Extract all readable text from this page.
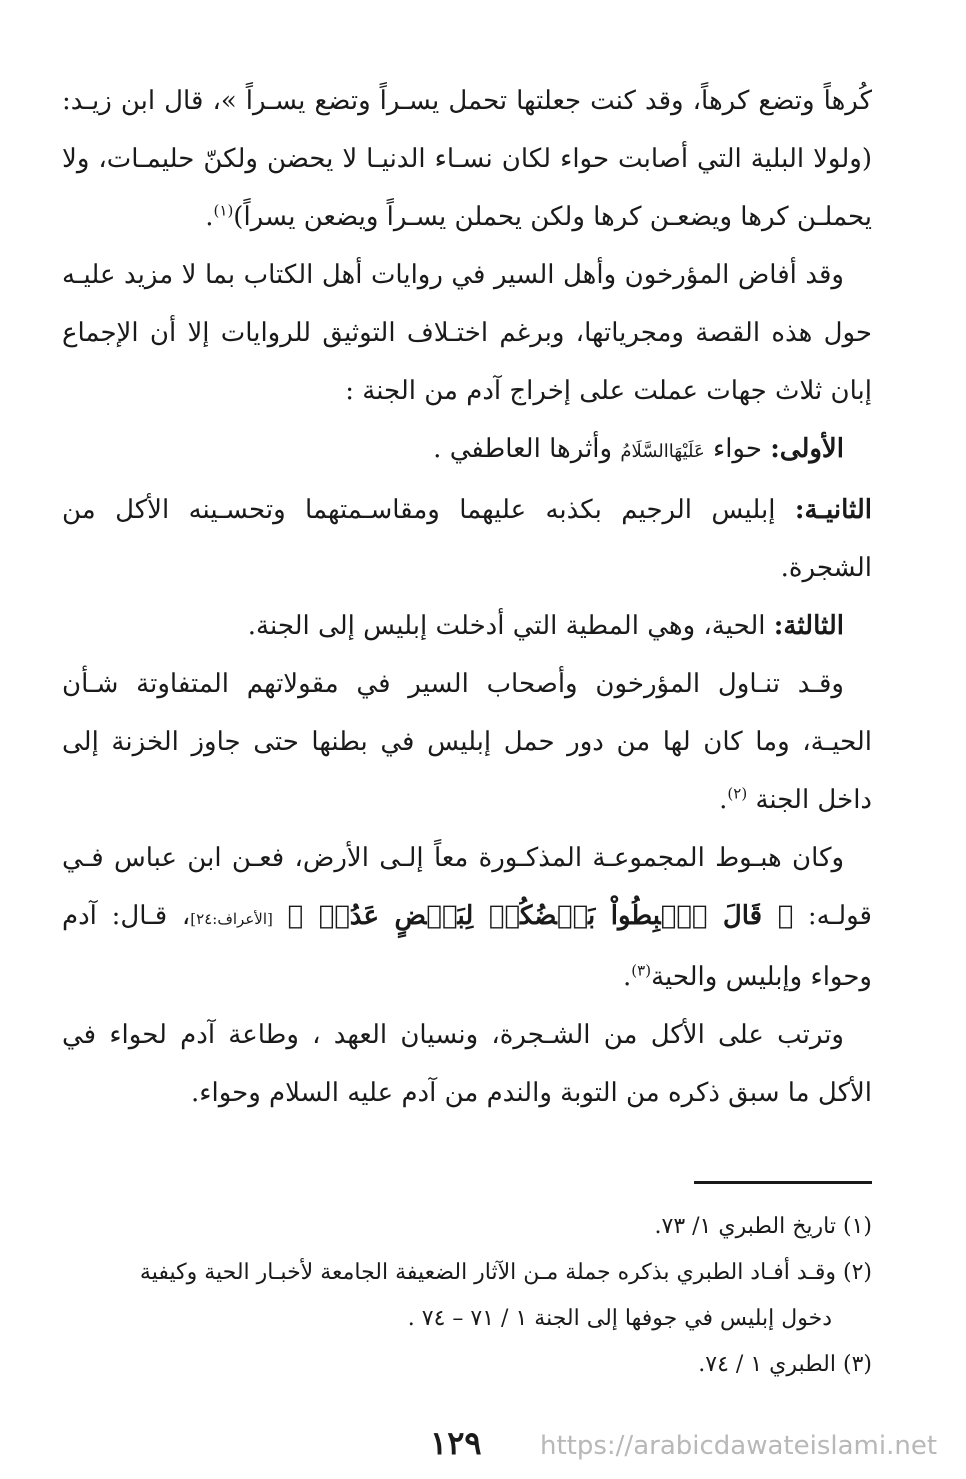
كُرهاً وتضع كرهاً، وقد كنت جعلتها تحمل يسـراً وتضع يسـراً »، قال ابن زيـد: (ولولا البلية التي أصابت حواء لكان نسـاء الدنيـا لا يحضن ولكنّ حليمـات، ولا يحملـن كرها ويضعـن كرها ولكن يحملن يسـراً ويضعن يسراً)$^{(١)}$.

وقد أفاض المؤرخون وأهل السير في روايات أهل الكتاب بما لا مزيد عليـه حول هذه القصة ومجرياتها، وبرغم اختـلاف التوثيق للروايات إلا أن الإجماع إبان ثلاث جهات عملت على إخراج آدم من الجنة :

الأولى: حواء عَلَيْهَاالسَّلَامُ وأثرها العاطفي .

الثانيـة: إبليس الرجيم بكذبه عليهما ومقاسـمتهما وتحسـينه الأكل من الشجرة.

الثالثة: الحية، وهي المطية التي أدخلت إبليس إلى الجنة.

وقـد تنـاول المؤرخون وأصحاب السير في مقولاتهم المتفاوتة شـأن الحيـة، وما كان لها من دور حمل إبليس في بطنها حتى جاوز الخزنة إلى داخل الجنة $^{(٢)}$.

وكان هبـوط المجموعـة المذكـورة معاً إلـى الأرض، فعـن ابن عباس فـي قولـه: ﴿ قَالَ ٱهۡبِطُواْ بَعۡضُكُمۡ لِبَعۡضٍ عَدُوٞ ﴾ [الأعراف:٢٤]، قـال: آدم وحواء وإبليس والحية$^{(٣)}$.

وترتب على الأكل من الشـجرة، ونسيان العهد ، وطاعة آدم لحواء في الأكل ما سبق ذكره من التوبة والندم من آدم عليه السلام وحواء.

(١) تاريخ الطبري ١/ ٧٣.

(٢) وقـد أفـاد الطبري بذكره جملة مـن الآثار الضعيفة الجامعة لأخبـار الحية وكيفية
دخول إبليس في جوفها إلى الجنة ١ / ٧١ – ٧٤ .

(٣) الطبري ١ / ٧٤.

١٢٩ https://arabicdawateislami.net
